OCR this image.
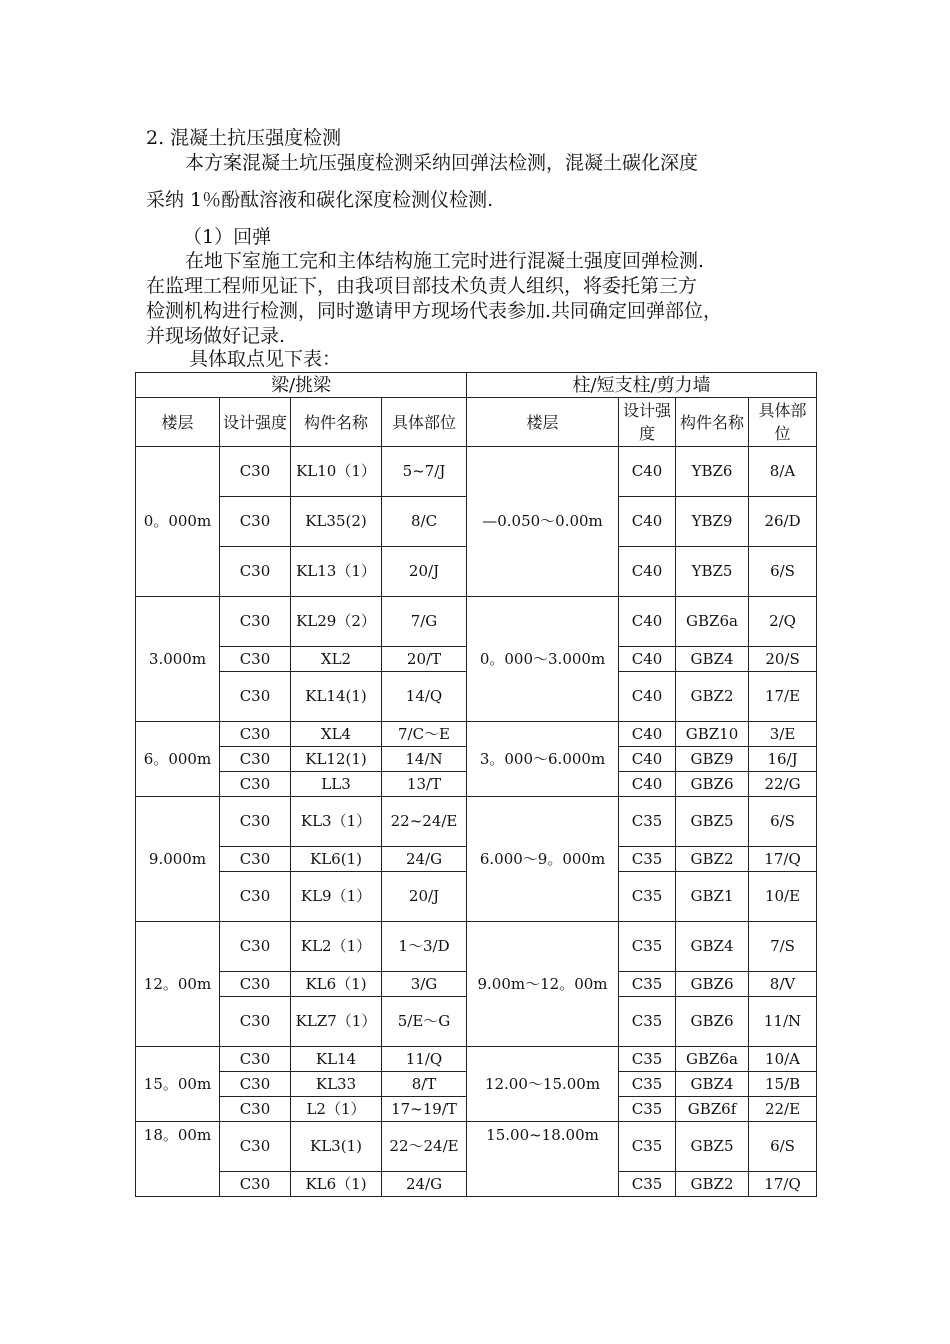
2. 混凝土抗压强度检测
本方案混凝土坑压强度检测采纳回弹法检测，混凝土碳化深度
采纳 1％酚酞溶液和碳化深度检测仪检测.
（1）回弹
在地下室施工完和主体结构施工完时进行混凝土强度回弹检测.
在监理工程师见证下，由我项目部技术负责人组织，将委托第三方
检测机构进行检测，同时邀请甲方现场代表参加.共同确定回弹部位，
并现场做好记录.
具体取点见下表：
梁/挑梁				柱/短支柱/剪力墙			
楼层	设计强度	构件名称	具体部位	楼层	设计强度	构件名称	具体部位
0。000m	C30	KL10（1）	5~7/J	—0.050～0.00m	C40	YBZ6	8/A
	C30	KL35(2)	8/C		C40	YBZ9	26/D
	C30	KL13（1）	20/J		C40	YBZ5	6/S
3.000m	C30	KL29（2）	7/G	0。000～3.000m	C40	GBZ6a	2/Q
	C30	XL2	20/T		C40	GBZ4	20/S
	C30	KL14(1)	14/Q		C40	GBZ2	17/E
6。000m	C30	XL4	7/C～E	3。000～6.000m	C40	GBZ10	3/E
	C30	KL12(1)	14/N		C40	GBZ9	16/J
	C30	LL3	13/T		C40	GBZ6	22/G
9.000m	C30	KL3（1）	22~24/E	6.000～9。000m	C35	GBZ5	6/S
	C30	KL6(1)	24/G		C35	GBZ2	17/Q
	C30	KL9（1）	20/J		C35	GBZ1	10/E
12。00m	C30	KL2（1）	1～3/D	9.00m～12。00m	C35	GBZ4	7/S
	C30	KL6（1)	3/G		C35	GBZ6	8/V
	C30	KLZ7（1）	5/E～G		C35	GBZ6	11/N
15。00m	C30	KL14	11/Q	12.00～15.00m	C35	GBZ6a	10/A
	C30	KL33	8/T		C35	GBZ4	15/B
	C30	L2（1）	17~19/T		C35	GBZ6f	22/E
18。00m	C30	KL3(1)	22～24/E	15.00~18.00m	C35	GBZ5	6/S
	C30	KL6（1)	24/G		C35	GBZ2	17/Q
